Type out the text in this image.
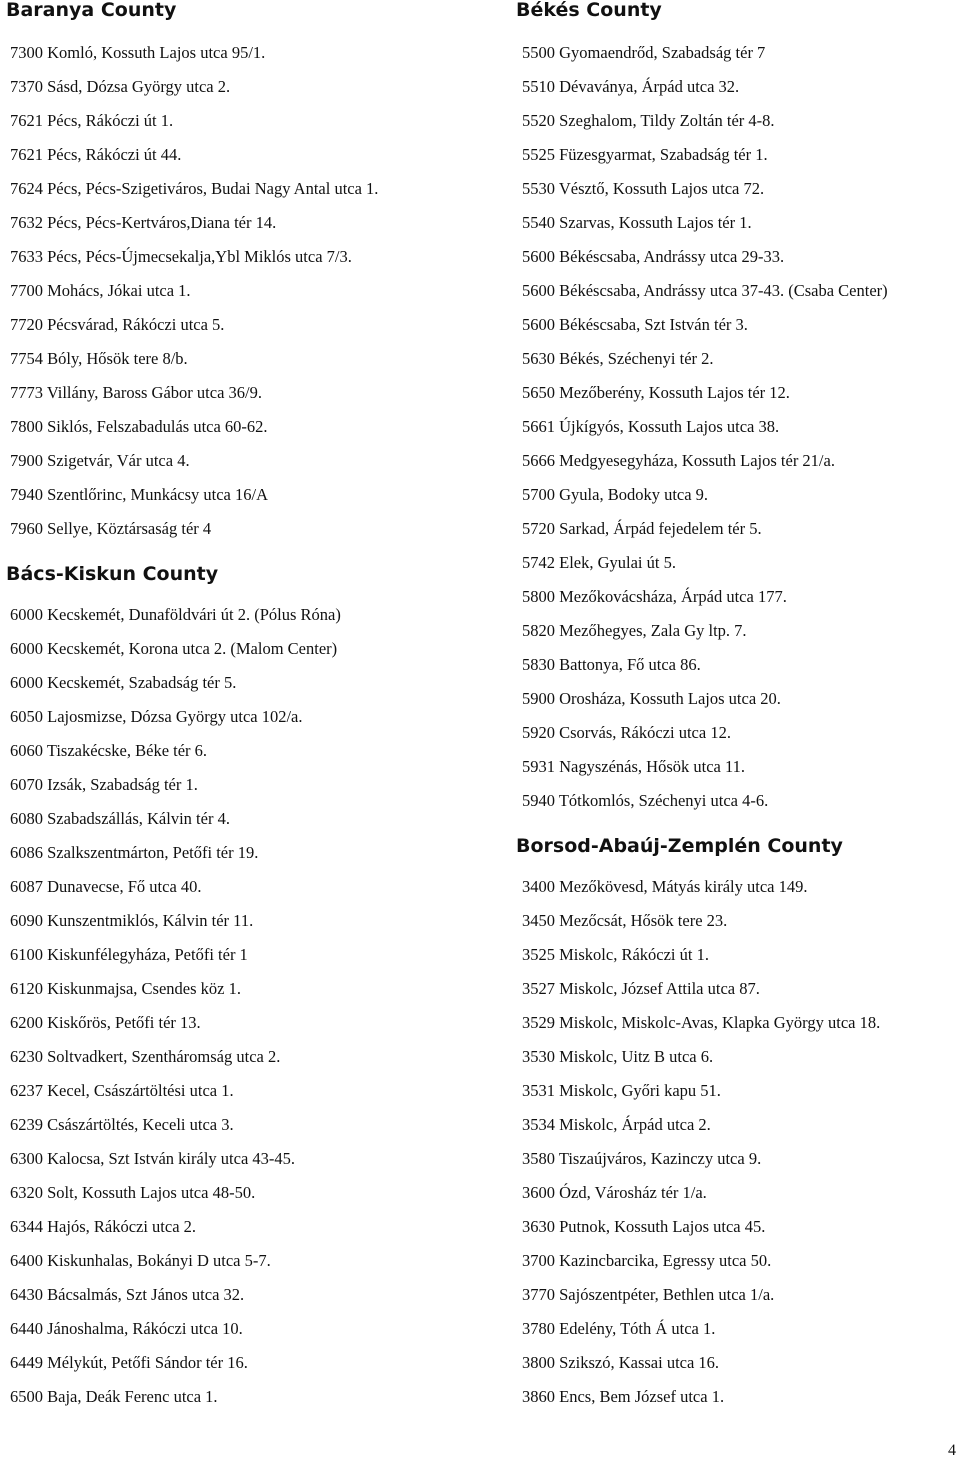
Baranya County
7300 Komló, Kossuth Lajos utca 95/1.
7370 Sásd, Dózsa György utca 2.
7621 Pécs, Rákóczi út 1.
7621 Pécs, Rákóczi út 44.
7624 Pécs, Pécs-Szigetiváros, Budai Nagy Antal utca 1.
7632 Pécs, Pécs-Kertváros,Diana tér 14.
7633 Pécs, Pécs-Újmecsekalja,Ybl Miklós utca 7/3.
7700 Mohács, Jókai utca 1.
7720 Pécsvárad, Rákóczi utca 5.
7754 Bóly, Hősök tere 8/b.
7773 Villány, Baross Gábor utca 36/9.
7800 Siklós, Felszabadulás utca 60-62.
7900 Szigetvár, Vár utca 4.
7940 Szentlőrinc, Munkácsy utca 16/A
7960 Sellye, Köztársaság tér 4
Bács-Kiskun County
6000 Kecskemét, Dunaföldvári út 2. (Pólus Róna)
6000 Kecskemét, Korona utca 2. (Malom Center)
6000 Kecskemét, Szabadság tér 5.
6050 Lajosmizse, Dózsa György utca 102/a.
6060 Tiszakécske, Béke tér 6.
6070 Izsák, Szabadság tér 1.
6080 Szabadszállás, Kálvin tér 4.
6086 Szalkszentmárton, Petőfi tér 19.
6087 Dunavecse, Fő utca 40.
6090 Kunszentmiklós, Kálvin tér 11.
6100 Kiskunfélegyháza, Petőfi tér 1
6120 Kiskunmajsa, Csendes köz 1.
6200 Kiskőrös, Petőfi tér 13.
6230 Soltvadkert, Szentháromság utca 2.
6237 Kecel, Császártöltési utca 1.
6239 Császártöltés, Keceli utca 3.
6300 Kalocsa, Szt István király utca 43-45.
6320 Solt, Kossuth Lajos utca 48-50.
6344 Hajós, Rákóczi utca 2.
6400 Kiskunhalas, Bokányi D utca 5-7.
6430 Bácsalmás, Szt János utca 32.
6440 Jánoshalma, Rákóczi utca 10.
6449 Mélykút, Petőfi Sándor tér 16.
6500 Baja, Deák Ferenc utca 1.
Békés County
5500 Gyomaendrőd, Szabadság tér 7
5510 Dévaványa, Árpád utca 32.
5520 Szeghalom, Tildy Zoltán tér 4-8.
5525 Füzesgyarmat, Szabadság tér 1.
5530 Vésztő, Kossuth Lajos utca 72.
5540 Szarvas, Kossuth Lajos tér 1.
5600 Békéscsaba, Andrássy utca 29-33.
5600 Békéscsaba, Andrássy utca 37-43. (Csaba Center)
5600 Békéscsaba, Szt István tér 3.
5630 Békés, Széchenyi tér 2.
5650 Mezőberény, Kossuth Lajos tér 12.
5661 Újkígyós, Kossuth Lajos utca 38.
5666 Medgyesegyháza, Kossuth Lajos tér 21/a.
5700 Gyula, Bodoky utca 9.
5720 Sarkad, Árpád fejedelem tér 5.
5742 Elek, Gyulai út 5.
5800 Mezőkovácsháza, Árpád utca 177.
5820 Mezőhegyes, Zala Gy ltp. 7.
5830 Battonya, Fő utca 86.
5900 Orosháza, Kossuth Lajos utca 20.
5920 Csorvás, Rákóczi utca 12.
5931 Nagyszénás, Hősök utca 11.
5940 Tótkomlós, Széchenyi utca 4-6.
Borsod-Abaúj-Zemplén County
3400 Mezőkövesd, Mátyás király utca 149.
3450 Mezőcsát, Hősök tere 23.
3525 Miskolc, Rákóczi út 1.
3527 Miskolc, József Attila utca 87.
3529 Miskolc, Miskolc-Avas, Klapka György utca 18.
3530 Miskolc, Uitz B utca 6.
3531 Miskolc, Győri kapu 51.
3534 Miskolc, Árpád utca 2.
3580 Tiszaújváros, Kazinczy utca 9.
3600 Ózd, Városház tér 1/a.
3630 Putnok, Kossuth Lajos utca 45.
3700 Kazincbarcika, Egressy utca 50.
3770 Sajószentpéter, Bethlen utca 1/a.
3780 Edelény, Tóth Á utca 1.
3800 Szikszó, Kassai utca 16.
3860 Encs, Bem József utca 1.
4
